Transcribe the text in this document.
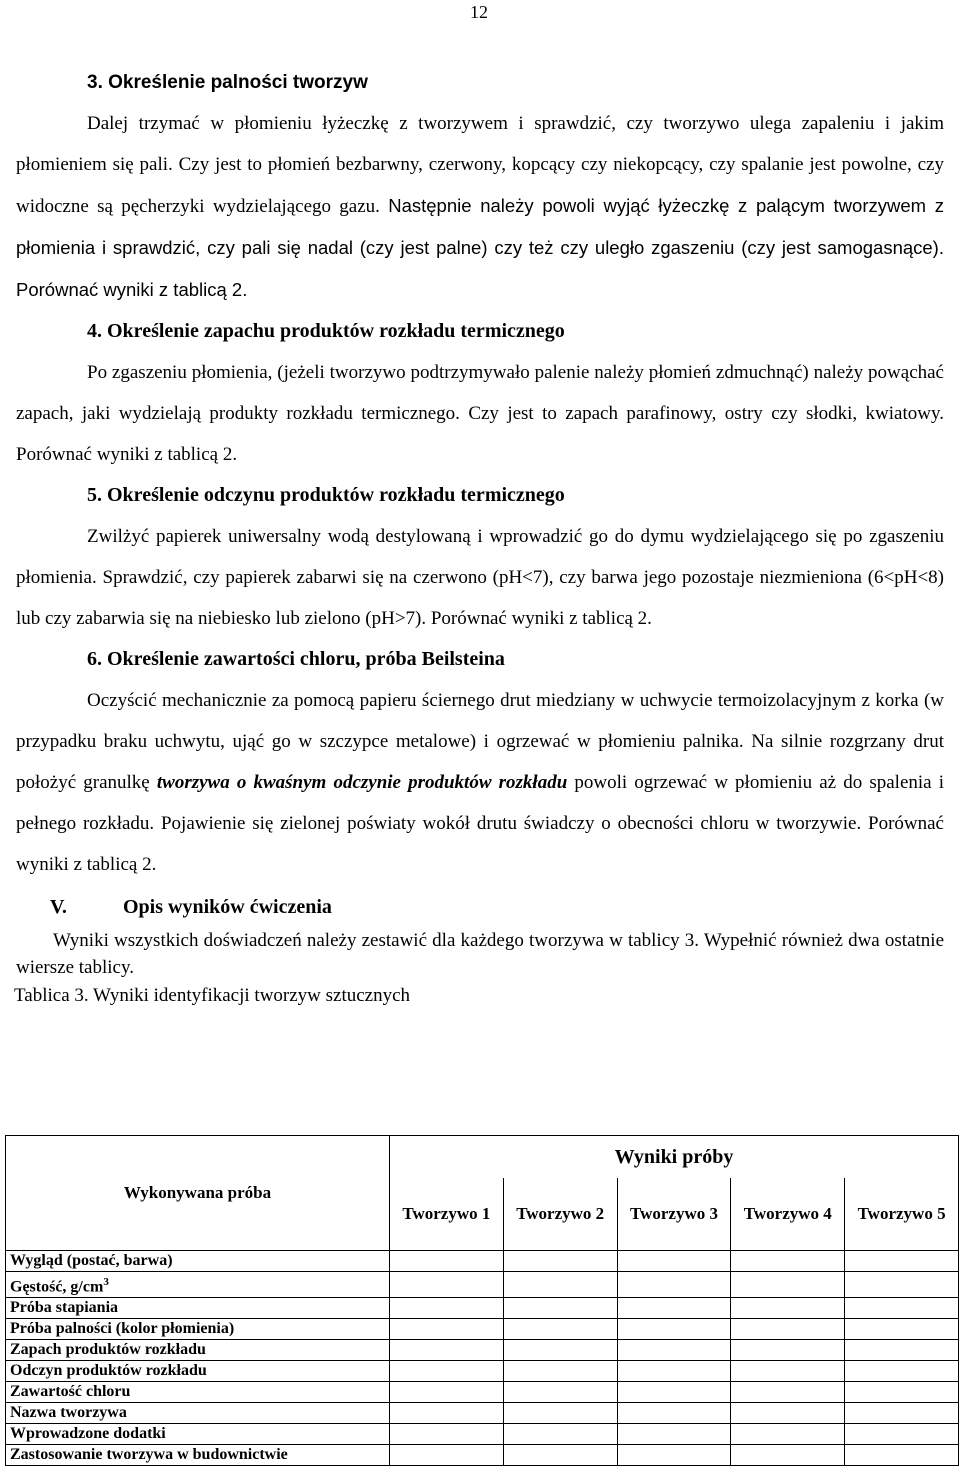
12
3. Określenie palności tworzyw

Dalej trzymać w płomieniu łyżeczkę z tworzywem i sprawdzić, czy tworzywo ulega zapaleniu i jakim płomieniem się pali. Czy jest to płomień bezbarwny, czerwony, kopcący czy niekopcący, czy spalanie jest powolne, czy widoczne są pęcherzyki wydzielającego gazu. Następnie należy powoli wyjąć łyżeczkę z palącym tworzywem z płomienia i sprawdzić, czy pali się nadal (czy jest palne) czy też czy uległo zgaszeniu (czy jest samogasnące). Porównać wyniki z tablicą 2.

4. Określenie zapachu produktów rozkładu termicznego

Po zgaszeniu płomienia, (jeżeli tworzywo podtrzymywało palenie należy płomień zdmuchnąć) należy powąchać zapach, jaki wydzielają produkty rozkładu termicznego. Czy jest to zapach parafinowy, ostry czy słodki, kwiatowy. Porównać wyniki z tablicą 2.

5. Określenie odczynu produktów rozkładu termicznego

Zwilżyć papierek uniwersalny wodą destylowaną i wprowadzić go do dymu wydzielającego się po zgaszeniu płomienia. Sprawdzić, czy papierek zabarwi się na czerwono (pH<7), czy barwa jego pozostaje niezmieniona (6<pH<8) lub czy zabarwia się na niebiesko lub zielono (pH>7). Porównać wyniki z tablicą 2.

6. Określenie zawartości chloru, próba Beilsteina

Oczyścić mechanicznie za pomocą papieru ściernego drut miedziany w uchwycie termoizolacyjnym z korka (w przypadku braku uchwytu, ująć go w szczypce metalowe) i ogrzewać w płomieniu palnika. Na silnie rozgrzany drut położyć granulkę tworzywa o kwaśnym odczynie produktów rozkładu powoli ogrzewać w płomieniu aż do spalenia i pełnego rozkładu. Pojawienie się zielonej poświaty wokół drutu świadczy o obecności chloru w tworzywie. Porównać wyniki z tablicą 2.

V.	Opis wyników ćwiczenia

Wyniki wszystkich doświadczeń należy zestawić dla każdego tworzywa w tablicy 3. Wypełnić również dwa ostatnie wiersze tablicy.

Tablica 3. Wyniki identyfikacji tworzyw sztucznych

Wykonywana próba	Wyniki próby				
	Tworzywo 1	Tworzywo 2	Tworzywo 3	Tworzywo 4	Tworzywo 5
Wygląd (postać, barwa)					
Gęstość, $g/cm^3$					
Próba stapiania					
Próba palności (kolor płomienia)					
Zapach produktów rozkładu					
Odczyn produktów rozkładu					
Zawartość chloru					
Nazwa tworzywa					
Wprowadzone dodatki					
Zastosowanie tworzywa w budownictwie					
